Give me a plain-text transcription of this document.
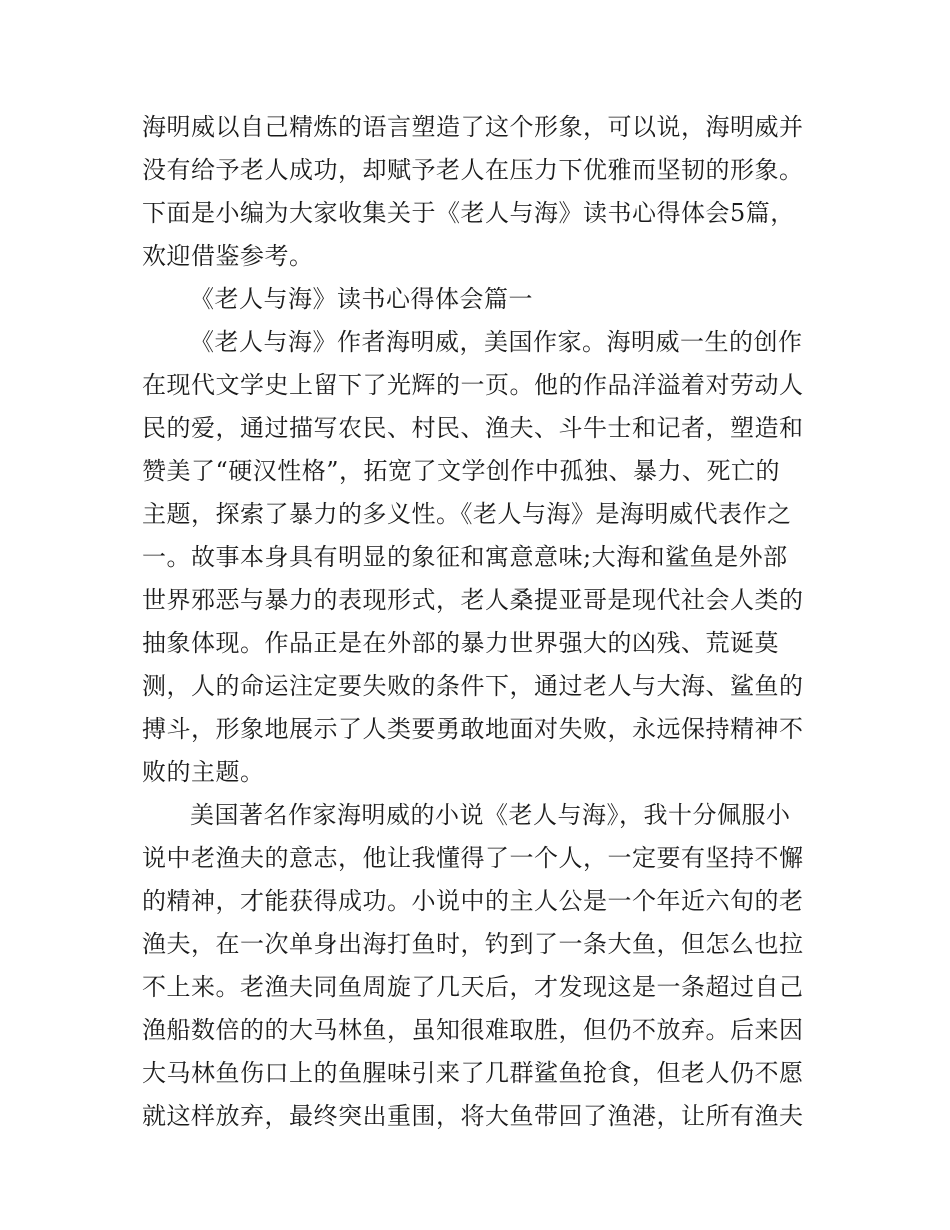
海明威以自己精炼的语言塑造了这个形象，可以说，海明威并
没有给予老人成功，却赋予老人在压力下优雅而坚韧的形象。
下面是小编为大家收集关于《老人与海》读书心得体会5篇，
欢迎借鉴参考。
《老人与海》读书心得体会篇一
《老人与海》作者海明威，美国作家。海明威一生的创作
在现代文学史上留下了光辉的一页。他的作品洋溢着对劳动人
民的爱，通过描写农民、村民、渔夫、斗牛士和记者，塑造和
赞美了“硬汉性格”，拓宽了文学创作中孤独、暴力、死亡的
主题，探索了暴力的多义性。《老人与海》是海明威代表作之
一。故事本身具有明显的象征和寓意意味;大海和鲨鱼是外部
世界邪恶与暴力的表现形式，老人桑提亚哥是现代社会人类的
抽象体现。作品正是在外部的暴力世界强大的凶残、荒诞莫
测，人的命运注定要失败的条件下，通过老人与大海、鲨鱼的
搏斗，形象地展示了人类要勇敢地面对失败，永远保持精神不
败的主题。
美国著名作家海明威的小说《老人与海》，我十分佩服小
说中老渔夫的意志，他让我懂得了一个人，一定要有坚持不懈
的精神，才能获得成功。小说中的主人公是一个年近六旬的老
渔夫，在一次单身出海打鱼时，钓到了一条大鱼，但怎么也拉
不上来。老渔夫同鱼周旋了几天后，才发现这是一条超过自己
渔船数倍的的大马林鱼，虽知很难取胜，但仍不放弃。后来因
大马林鱼伤口上的鱼腥味引来了几群鲨鱼抢食，但老人仍不愿
就这样放弃，最终突出重围，将大鱼带回了渔港，让所有渔夫
